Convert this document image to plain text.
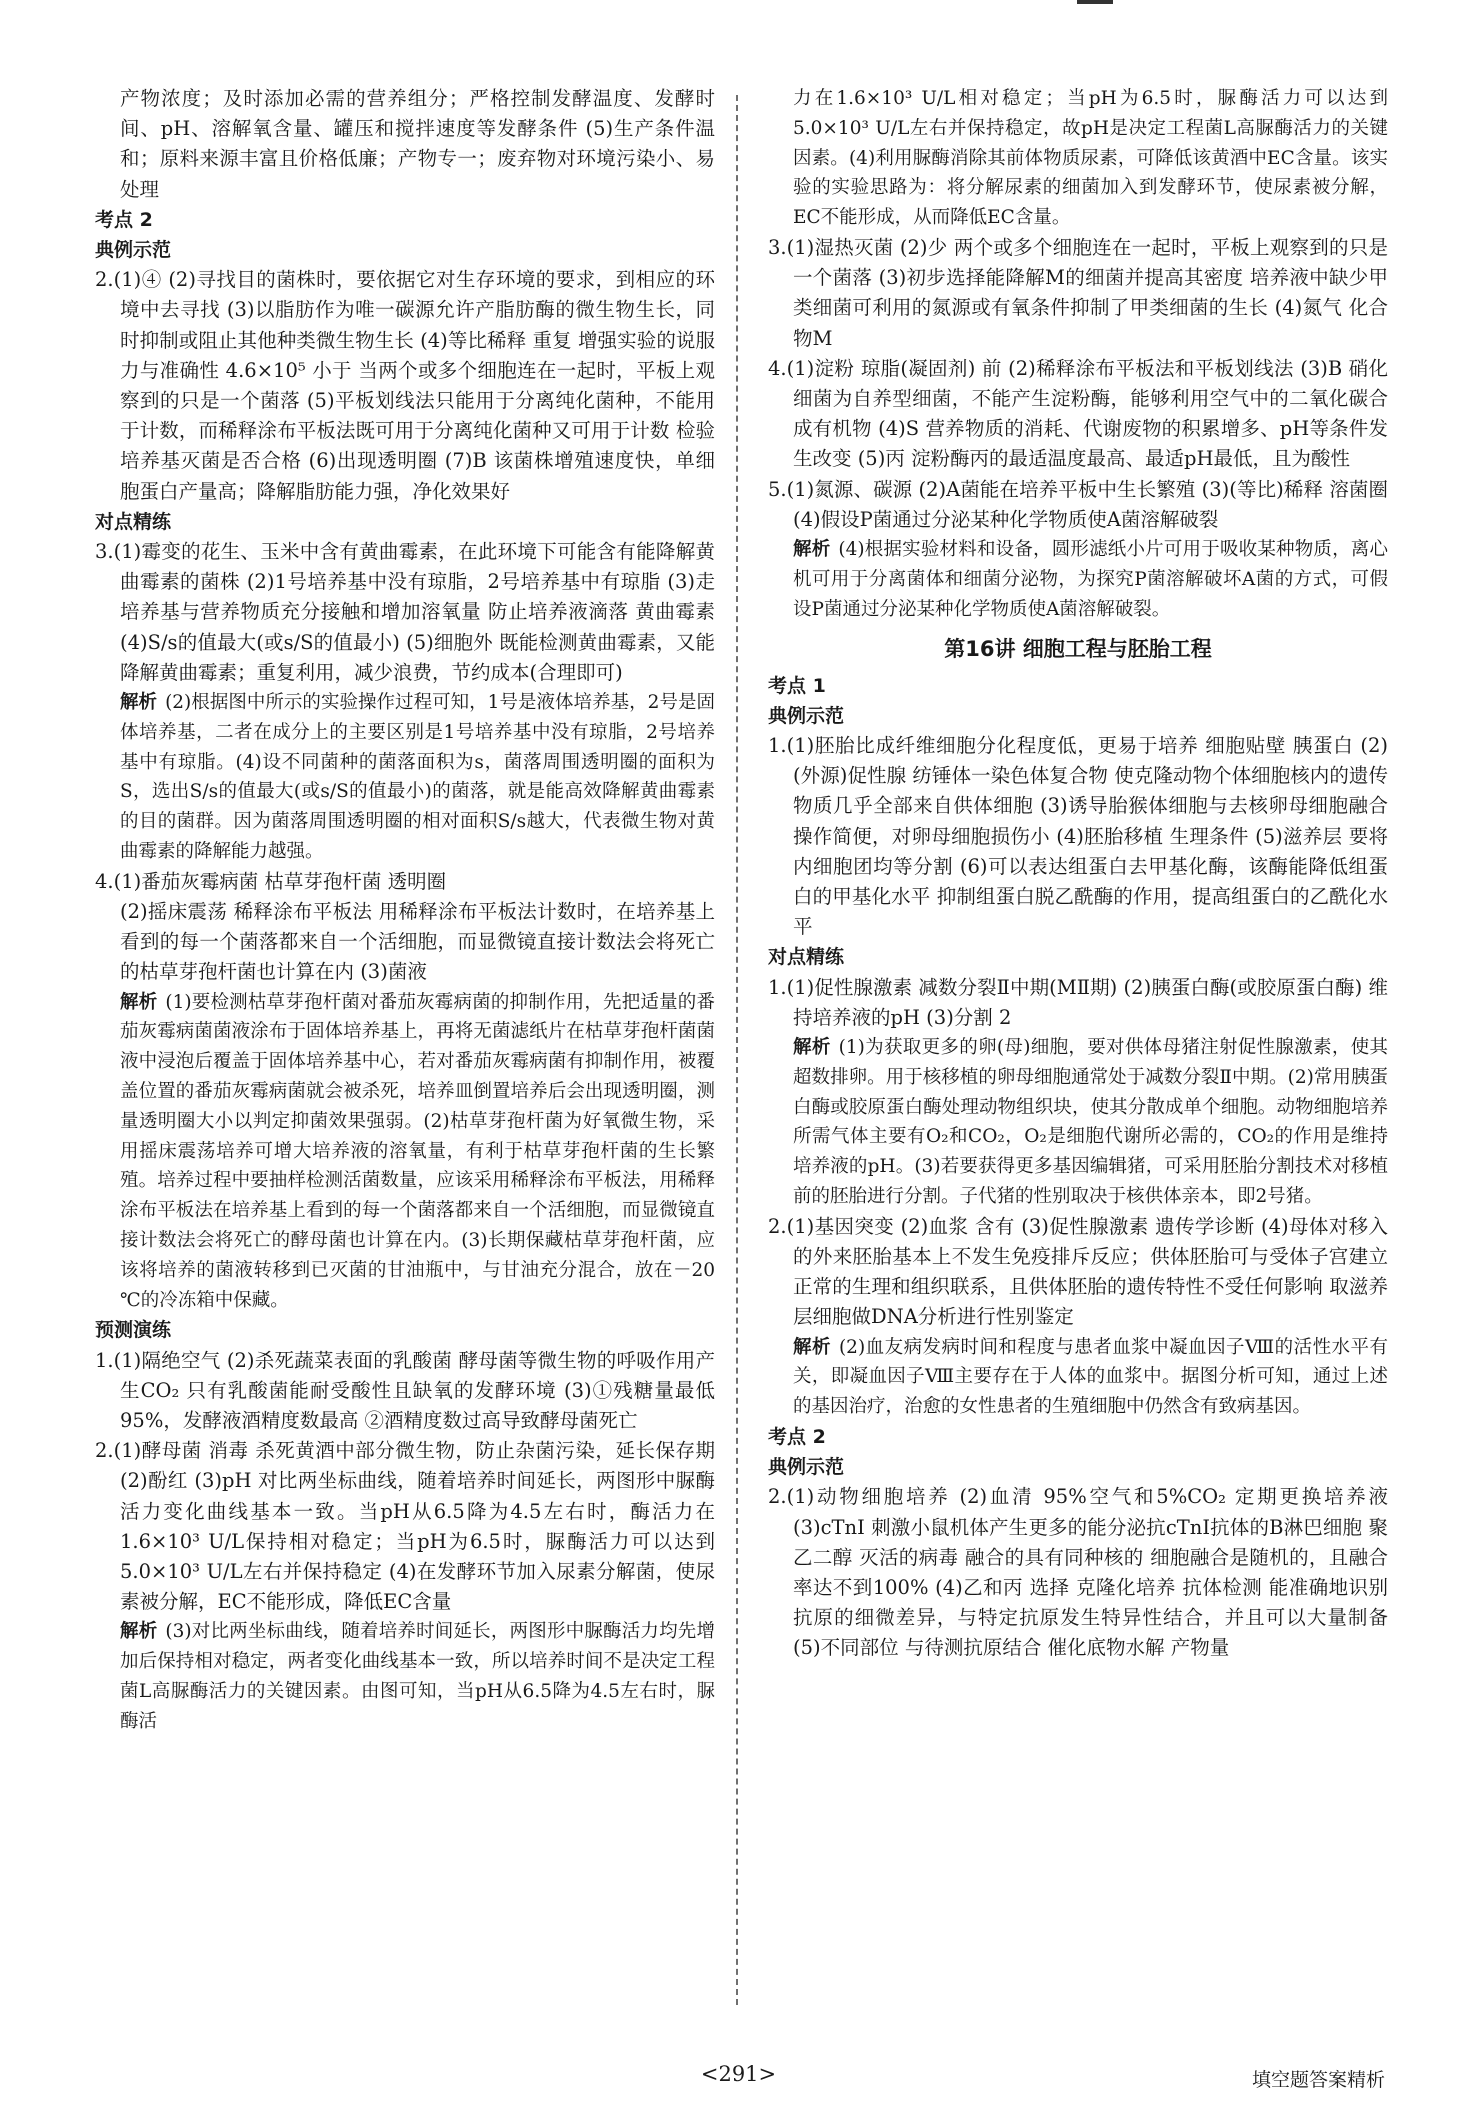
产物浓度；及时添加必需的营养组分；严格控制发酵温度、发酵时间、pH、溶解氧含量、罐压和搅拌速度等发酵条件 (5)生产条件温和；原料来源丰富且价格低廉；产物专一；废弃物对环境污染小、易处理
考点 2
典例示范
2.(1)④ (2)寻找目的菌株时，要依据它对生存环境的要求，到相应的环境中去寻找 (3)以脂肪作为唯一碳源允许产脂肪酶的微生物生长，同时抑制或阻止其他种类微生物生长 (4)等比稀释 重复 增强实验的说服力与准确性 4.6×10⁵ 小于 当两个或多个细胞连在一起时，平板上观察到的只是一个菌落 (5)平板划线法只能用于分离纯化菌种，不能用于计数，而稀释涂布平板法既可用于分离纯化菌种又可用于计数 检验培养基灭菌是否合格 (6)出现透明圈 (7)B 该菌株增殖速度快，单细胞蛋白产量高；降解脂肪能力强，净化效果好
对点精练
3.(1)霉变的花生、玉米中含有黄曲霉素，在此环境下可能含有能降解黄曲霉素的菌株 (2)1号培养基中没有琼脂，2号培养基中有琼脂 (3)走培养基与营养物质充分接触和增加溶氧量 防止培养液滴落 黄曲霉素 (4)S/s的值最大(或s/S的值最小) (5)细胞外 既能检测黄曲霉素，又能降解黄曲霉素；重复利用，减少浪费，节约成本(合理即可)
解析 (2)根据图中所示的实验操作过程可知，1号是液体培养基，2号是固体培养基，二者在成分上的主要区别是1号培养基中没有琼脂，2号培养基中有琼脂。(4)设不同菌种的菌落面积为s，菌落周围透明圈的面积为S，选出S/s的值最大(或s/S的值最小)的菌落，就是能高效降解黄曲霉素的目的菌群。因为菌落周围透明圈的相对面积S/s越大，代表微生物对黄曲霉素的降解能力越强。
4.(1)番茄灰霉病菌 枯草芽孢杆菌 透明圈
(2)摇床震荡 稀释涂布平板法 用稀释涂布平板法计数时，在培养基上看到的每一个菌落都来自一个活细胞，而显微镜直接计数法会将死亡的枯草芽孢杆菌也计算在内 (3)菌液
解析 (1)要检测枯草芽孢杆菌对番茄灰霉病菌的抑制作用，先把适量的番茄灰霉病菌菌液涂布于固体培养基上，再将无菌滤纸片在枯草芽孢杆菌菌液中浸泡后覆盖于固体培养基中心，若对番茄灰霉病菌有抑制作用，被覆盖位置的番茄灰霉病菌就会被杀死，培养皿倒置培养后会出现透明圈，测量透明圈大小以判定抑菌效果强弱。(2)枯草芽孢杆菌为好氧微生物，采用摇床震荡培养可增大培养液的溶氧量，有利于枯草芽孢杆菌的生长繁殖。培养过程中要抽样检测活菌数量，应该采用稀释涂布平板法，用稀释涂布平板法在培养基上看到的每一个菌落都来自一个活细胞，而显微镜直接计数法会将死亡的酵母菌也计算在内。(3)长期保藏枯草芽孢杆菌，应该将培养的菌液转移到已灭菌的甘油瓶中，与甘油充分混合，放在－20 ℃的冷冻箱中保藏。
预测演练
1.(1)隔绝空气 (2)杀死蔬菜表面的乳酸菌 酵母菌等微生物的呼吸作用产生CO₂ 只有乳酸菌能耐受酸性且缺氧的发酵环境 (3)①残糖量最低 95%，发酵液酒精度数最高 ②酒精度数过高导致酵母菌死亡
2.(1)酵母菌 消毒 杀死黄酒中部分微生物，防止杂菌污染，延长保存期 (2)酚红 (3)pH 对比两坐标曲线，随着培养时间延长，两图形中脲酶活力变化曲线基本一致。当pH从6.5降为4.5左右时，酶活力在1.6×10³ U/L保持相对稳定；当pH为6.5时，脲酶活力可以达到5.0×10³ U/L左右并保持稳定 (4)在发酵环节加入尿素分解菌，使尿素被分解，EC不能形成，降低EC含量
解析 (3)对比两坐标曲线，随着培养时间延长，两图形中脲酶活力均先增加后保持相对稳定，两者变化曲线基本一致，所以培养时间不是决定工程菌L高脲酶活力的关键因素。由图可知，当pH从6.5降为4.5左右时，脲酶活
力在1.6×10³ U/L相对稳定；当pH为6.5时，脲酶活力可以达到5.0×10³ U/L左右并保持稳定，故pH是决定工程菌L高脲酶活力的关键因素。(4)利用脲酶消除其前体物质尿素，可降低该黄酒中EC含量。该实验的实验思路为：将分解尿素的细菌加入到发酵环节，使尿素被分解，EC不能形成，从而降低EC含量。
3.(1)湿热灭菌 (2)少 两个或多个细胞连在一起时，平板上观察到的只是一个菌落 (3)初步选择能降解M的细菌并提高其密度 培养液中缺少甲类细菌可利用的氮源或有氧条件抑制了甲类细菌的生长 (4)氮气 化合物M
4.(1)淀粉 琼脂(凝固剂) 前 (2)稀释涂布平板法和平板划线法 (3)B 硝化细菌为自养型细菌，不能产生淀粉酶，能够利用空气中的二氧化碳合成有机物 (4)S 营养物质的消耗、代谢废物的积累增多、pH等条件发生改变 (5)丙 淀粉酶丙的最适温度最高、最适pH最低，且为酸性
5.(1)氮源、碳源 (2)A菌能在培养平板中生长繁殖 (3)(等比)稀释 溶菌圈 (4)假设P菌通过分泌某种化学物质使A菌溶解破裂
解析 (4)根据实验材料和设备，圆形滤纸小片可用于吸收某种物质，离心机可用于分离菌体和细菌分泌物，为探究P菌溶解破坏A菌的方式，可假设P菌通过分泌某种化学物质使A菌溶解破裂。
第16讲 细胞工程与胚胎工程
考点 1
典例示范
1.(1)胚胎比成纤维细胞分化程度低，更易于培养 细胞贴壁 胰蛋白 (2)(外源)促性腺 纺锤体一染色体复合物 使克隆动物个体细胞核内的遗传物质几乎全部来自供体细胞 (3)诱导胎猴体细胞与去核卵母细胞融合 操作简便，对卵母细胞损伤小 (4)胚胎移植 生理条件 (5)滋养层 要将内细胞团均等分割 (6)可以表达组蛋白去甲基化酶，该酶能降低组蛋白的甲基化水平 抑制组蛋白脱乙酰酶的作用，提高组蛋白的乙酰化水平
对点精练
1.(1)促性腺激素 减数分裂Ⅱ中期(MⅡ期) (2)胰蛋白酶(或胶原蛋白酶) 维持培养液的pH (3)分割 2
解析 (1)为获取更多的卵(母)细胞，要对供体母猪注射促性腺激素，使其超数排卵。用于核移植的卵母细胞通常处于减数分裂Ⅱ中期。(2)常用胰蛋白酶或胶原蛋白酶处理动物组织块，使其分散成单个细胞。动物细胞培养所需气体主要有O₂和CO₂，O₂是细胞代谢所必需的，CO₂的作用是维持培养液的pH。(3)若要获得更多基因编辑猪，可采用胚胎分割技术对移植前的胚胎进行分割。子代猪的性别取决于核供体亲本，即2号猪。
2.(1)基因突变 (2)血浆 含有 (3)促性腺激素 遗传学诊断 (4)母体对移入的外来胚胎基本上不发生免疫排斥反应；供体胚胎可与受体子宫建立正常的生理和组织联系，且供体胚胎的遗传特性不受任何影响 取滋养层细胞做DNA分析进行性别鉴定
解析 (2)血友病发病时间和程度与患者血浆中凝血因子Ⅷ的活性水平有关，即凝血因子Ⅷ主要存在于人体的血浆中。据图分析可知，通过上述的基因治疗，治愈的女性患者的生殖细胞中仍然含有致病基因。
考点 2
典例示范
2.(1)动物细胞培养 (2)血清 95%空气和5%CO₂ 定期更换培养液 (3)cTnI 刺激小鼠机体产生更多的能分泌抗cTnI抗体的B淋巴细胞 聚乙二醇 灭活的病毒 融合的具有同种核的 细胞融合是随机的，且融合率达不到100% (4)乙和丙 选择 克隆化培养 抗体检测 能准确地识别抗原的细微差异，与特定抗原发生特异性结合，并且可以大量制备 (5)不同部位 与待测抗原结合 催化底物水解 产物量
<291>	填空题答案精析
